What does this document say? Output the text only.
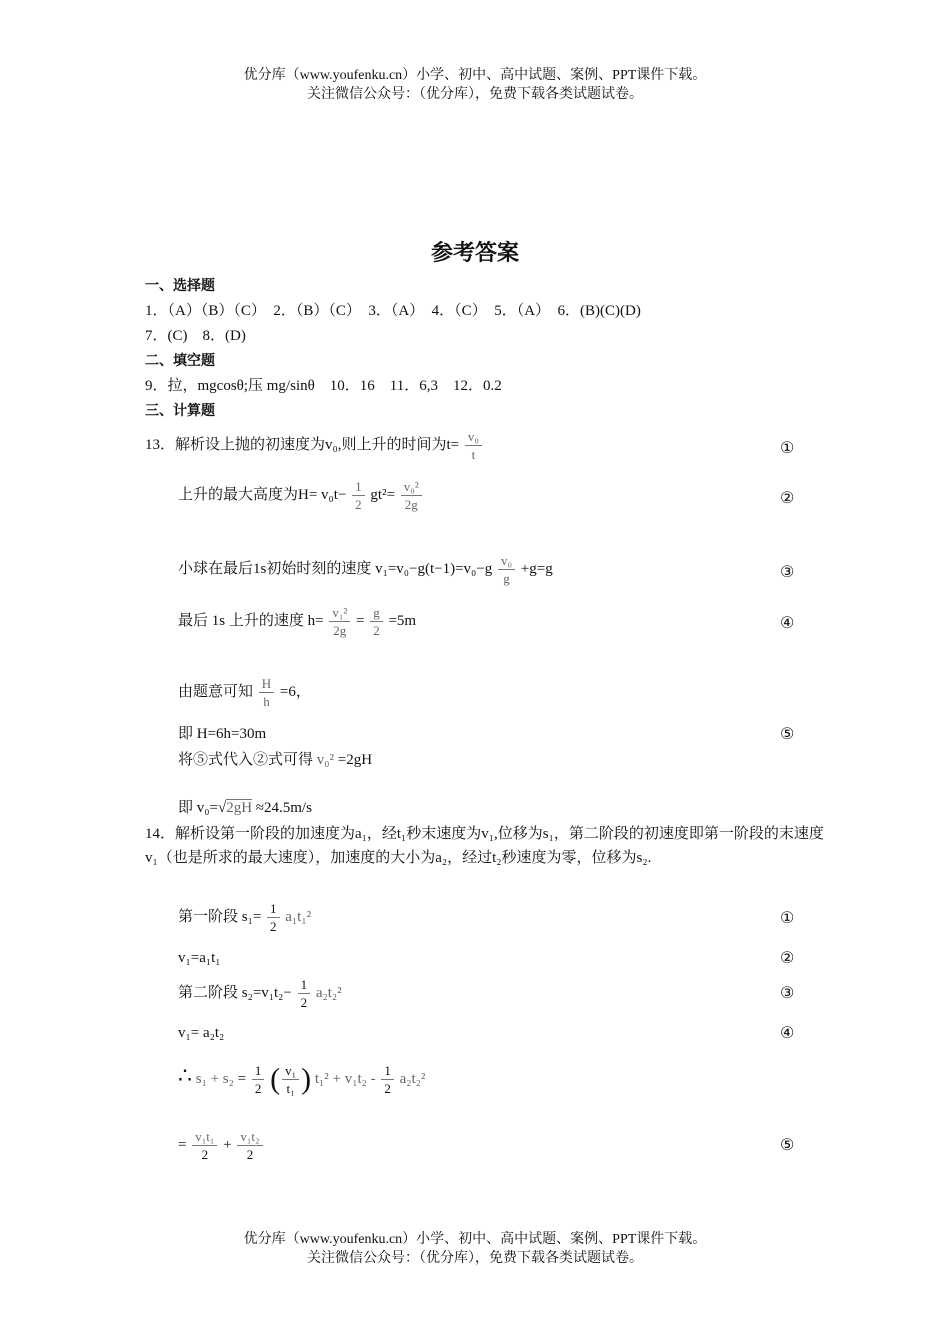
优分库（www.youfenku.cn）小学、初中、高中试题、案例、PPT课件下载。
关注微信公众号：（优分库），免费下载各类试题试卷。
参考答案
一、选择题
1．（A）（B）（C）　2．（B）（C）　3．（A）　4．（C）　5．（A）　6．(B)(C)(D)
7．(C)　8．(D)
二、填空题
9．拉，mgcosθ;压 mg/sinθ　10．16　11．6,3　12．0.2
三、计算题
13．解析设上抛的初速度为v₀,则上升的时间为$t= \frac{\text{v₀}}{t}$	①
上升的最大高度为$H= v_0t- \frac{1}{2} gt^2= \frac{\text{v₀²}}{2g}$	②
小球在最后1s初始时刻的速度 $v_1=v_0-g(t-1)=v_0-g \frac{\text{v₀}}{g} +g=g$	③
最后 1s 上升的速度 $h= \frac{\text{v₁²}}{2g} = \frac{g}{2} =5m$	④
由题意可知 $\frac{H}{h} =6$，
即 H=6h=30m	⑤
将⑤式代入②式可得 v₀² =2gH
即 v₀=√2gH ≈24.5m/s
14．解析设第一阶段的加速度为a₁，经t₁秒末速度为v₁,位移为s₁，第二阶段的初速度即第一阶段的末速度v₁（也是所求的最大速度），加速度的大小为a₂，经过t₂秒速度为零，位移为s₂.
第一阶段 $s_1= \frac{1}{2} a_1t_1^2$	①
v₁=a₁t₁	②
第二阶段 $s_2=v_1t_2- \frac{1}{2} a_2t_2^2$	③
v₁= a₂t₂	④
∴ $s_1 + s_2 = \frac{1}{2}$ ( $\frac{\text{v₁}}{\text{t₁}}$ ) $t_1^2 + v_1t_2 - \frac{1}{2} a_2t_2^2$
= $\frac{\text{v₁t₁}}{2} + \frac{\text{v₁t₂}}{2}$	⑤
优分库（www.youfenku.cn）小学、初中、高中试题、案例、PPT课件下载。
关注微信公众号：（优分库），免费下载各类试题试卷。
